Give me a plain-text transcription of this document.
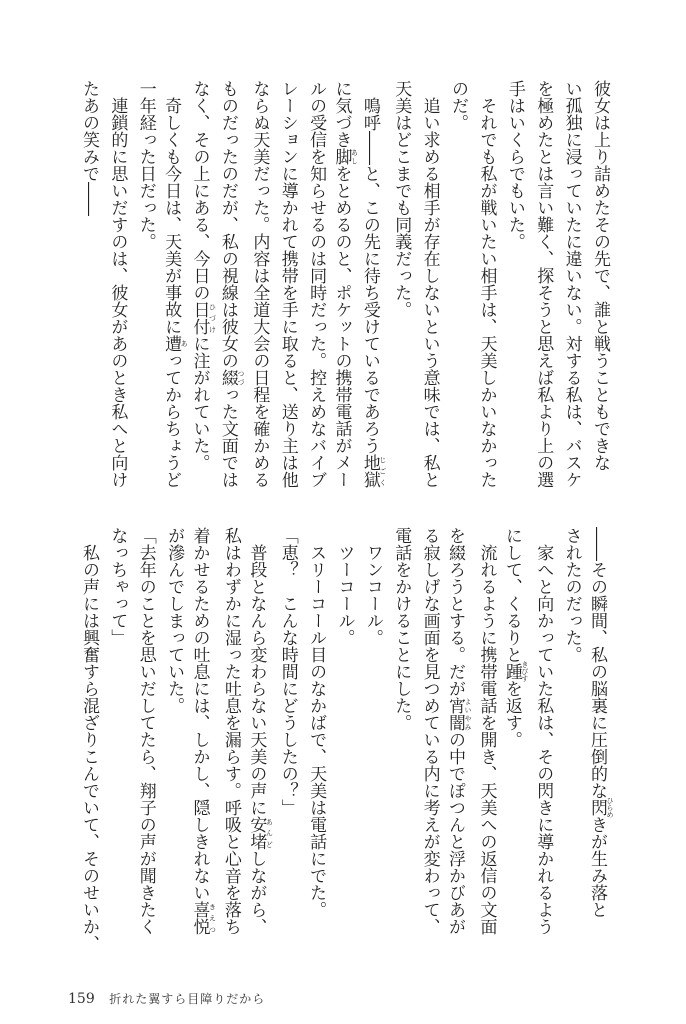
彼女は上り詰めたその先で、誰と戦うこともできな
い孤独に浸っていたに違いない。対する私は、バスケ
を極めたとは言い難く、探そうと思えば私より上の選
手はいくらでもいた。
それでも私が戦いたい相手は、天美しかいなかった
のだ。
追い求める相手が存在しないという意味では、私と
天美はどこまでも同義だった。
鳴呼――と、この先に待ち受けているであろう地獄 じごく
に気づき脚 あしをとめるのと、ポケットの携帯電話がメー
ルの受信を知らせるのは同時だった。控えめなバイブ
レーションに導かれて携帯を手に取ると、送り主は他
ならぬ天美だった。内容は全道大会の日程を確かめる
ものだったのだが、私の視線は彼女の綴 つづった文面では
なく、その上にある、今日の日付 ひづけに注がれていた。
奇しくも今日は、天美が事故に遭 あってからちょうど
一年経った日だった。
連鎖的に思いだすのは、彼女があのとき私へと向け
たあの笑みで――
――その瞬間、私の脳裏に圧倒的な閃 ひらめきが生み落と
されたのだった。
家へと向かっていた私は、その閃きに導かれるよう
にして、くるりと踵 きびすを返す。
流れるように携帯電話を開き、天美への返信の文面
を綴ろうとする。だが宵闇 よいやみの中でぽつんと浮かびあが
る寂しげな画面を見つめている内に考えが変わって、
電話をかけることにした。
ワンコール。
ツーコール。
スリーコール目のなかばで、天美は電話にでた。
「恵？　こんな時間にどうしたの？」
普段となんら変わらない天美の声に安堵 あんどしながら、
私はわずかに湿った吐息を漏らす。呼吸と心音を落ち
着かせるための吐息には、しかし、隠しきれない喜悦 きえつ
が滲んでしまっていた。
「去年のことを思いだしてたら、翔子の声が聞きたく
なっちゃって」
私の声には興奮すら混ざりこんでいて、そのせいか、
159 折れた翼すら目障りだから
